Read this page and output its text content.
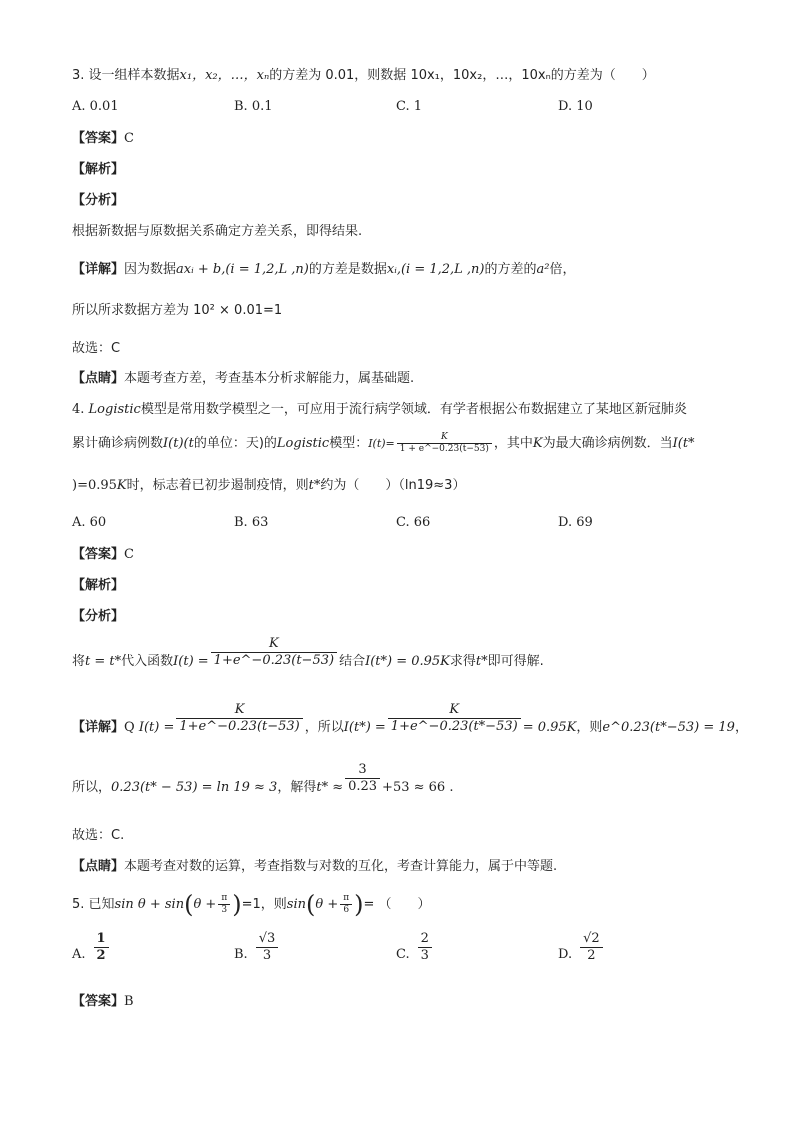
3. 设一组样本数据x₁，x₂，…，xₙ的方差为 0.01，则数据 10x₁，10x₂，…，10xₙ的方差为（　　）
A. 0.01	B. 0.1	C. 1	D. 10
【答案】C
【解析】
【分析】
根据新数据与原数据关系确定方差关系，即得结果.
【详解】因为数据axᵢ + b,(i = 1,2,L ,n)的方差是数据xᵢ,(i = 1,2,L ,n)的方差的a²倍，
所以所求数据方差为 10² × 0.01=1
故选：C
【点睛】本题考查方差，考查基本分析求解能力，属基础题.
4. Logistic模型是常用数学模型之一，可应用于流行病学领域．有学者根据公布数据建立了某地区新冠肺炎
累计确诊病例数I(t)(t的单位：天)的Logistic模型：$I(t)= \frac{K}{1 + e\^{}-0.23(t-53)}$ ，其中K为最大确诊病例数．当I(t*
)=0.95K时，标志着已初步遏制疫情，则t*约为（　　）（ln19≈3）
A. 60	B. 63	C. 66	D. 69
【答案】C
【解析】
【分析】
将t = t*代入函数$I(t) = \frac{K}{1+e\^{}-0.23(t-53)}$ 结合I(t*) = 0.95K求得t*即可得解.
【详解】Q $I(t) = \frac{K}{1+e\^{}-0.23(t-53)}$ ，所以$I(t*) = \frac{K}{1+e\^{}-0.23(t*-53)} = 0.95K$，则e^0.23(t*−53) = 19，
所以，0.23(t* − 53) = ln 19 ≈ 3，解得$t* \approx \frac{3}{0.23} +53 \approx 66$ .
故选：C.
【点睛】本题考查对数的运算，考查指数与对数的互化，考查计算能力，属于中等题.
5. 已知$\sin \theta + \sin(\theta + \frac{\pi}{3} )=1$，则$\sin(\theta + \frac{\pi}{6}$ )= （　　）
A. $\frac{1}{2}$	B. $\frac{√3}{3}$	C. $\frac{2}{3}$	D. $\frac{√2}{2}$
【答案】B
